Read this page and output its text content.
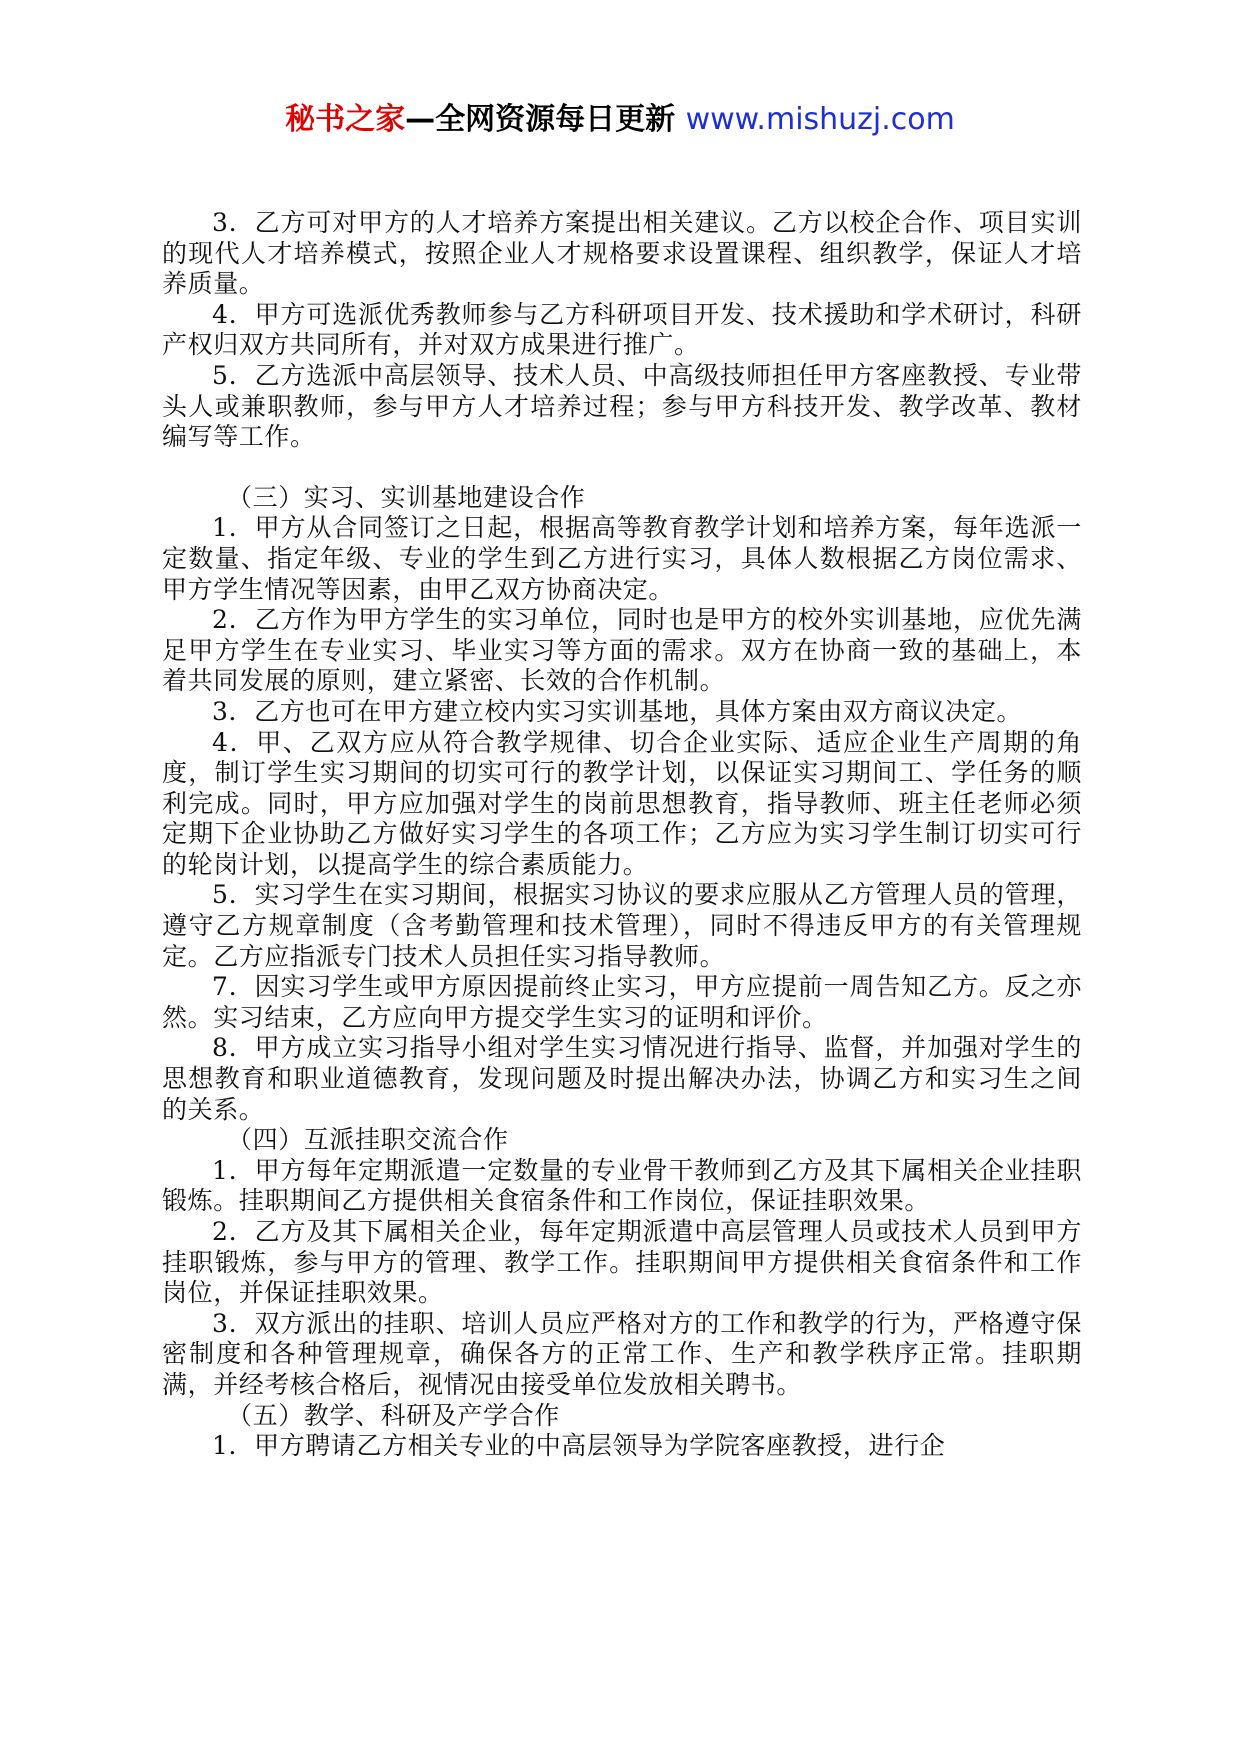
秘书之家—全网资源每日更新 www.mishuzj.com

3．乙方可对甲方的人才培养方案提出相关建议。乙方以校企合作、项目实训的现代人才培养模式，按照企业人才规格要求设置课程、组织教学，保证人才培养质量。

4．甲方可选派优秀教师参与乙方科研项目开发、技术援助和学术研讨，科研产权归双方共同所有，并对双方成果进行推广。

5．乙方选派中高层领导、技术人员、中高级技师担任甲方客座教授、专业带头人或兼职教师，参与甲方人才培养过程；参与甲方科技开发、教学改革、教材编写等工作。

（三）实习、实训基地建设合作

1．甲方从合同签订之日起，根据高等教育教学计划和培养方案，每年选派一定数量、指定年级、专业的学生到乙方进行实习，具体人数根据乙方岗位需求、甲方学生情况等因素，由甲乙双方协商决定。

2．乙方作为甲方学生的实习单位，同时也是甲方的校外实训基地，应优先满足甲方学生在专业实习、毕业实习等方面的需求。双方在协商一致的基础上，本着共同发展的原则，建立紧密、长效的合作机制。

3．乙方也可在甲方建立校内实习实训基地，具体方案由双方商议决定。

4．甲、乙双方应从符合教学规律、切合企业实际、适应企业生产周期的角度，制订学生实习期间的切实可行的教学计划，以保证实习期间工、学任务的顺利完成。同时，甲方应加强对学生的岗前思想教育，指导教师、班主任老师必须定期下企业协助乙方做好实习学生的各项工作；乙方应为实习学生制订切实可行的轮岗计划，以提高学生的综合素质能力。

5．实习学生在实习期间，根据实习协议的要求应服从乙方管理人员的管理，遵守乙方规章制度（含考勤管理和技术管理），同时不得违反甲方的有关管理规定。乙方应指派专门技术人员担任实习指导教师。

7．因实习学生或甲方原因提前终止实习，甲方应提前一周告知乙方。反之亦然。实习结束，乙方应向甲方提交学生实习的证明和评价。

8．甲方成立实习指导小组对学生实习情况进行指导、监督，并加强对学生的思想教育和职业道德教育，发现问题及时提出解决办法，协调乙方和实习生之间的关系。

（四）互派挂职交流合作

1．甲方每年定期派遣一定数量的专业骨干教师到乙方及其下属相关企业挂职锻炼。挂职期间乙方提供相关食宿条件和工作岗位，保证挂职效果。

2．乙方及其下属相关企业，每年定期派遣中高层管理人员或技术人员到甲方挂职锻炼，参与甲方的管理、教学工作。挂职期间甲方提供相关食宿条件和工作岗位，并保证挂职效果。

3．双方派出的挂职、培训人员应严格对方的工作和教学的行为，严格遵守保密制度和各种管理规章，确保各方的正常工作、生产和教学秩序正常。挂职期满，并经考核合格后，视情况由接受单位发放相关聘书。

（五）教学、科研及产学合作

1．甲方聘请乙方相关专业的中高层领导为学院客座教授，进行企
